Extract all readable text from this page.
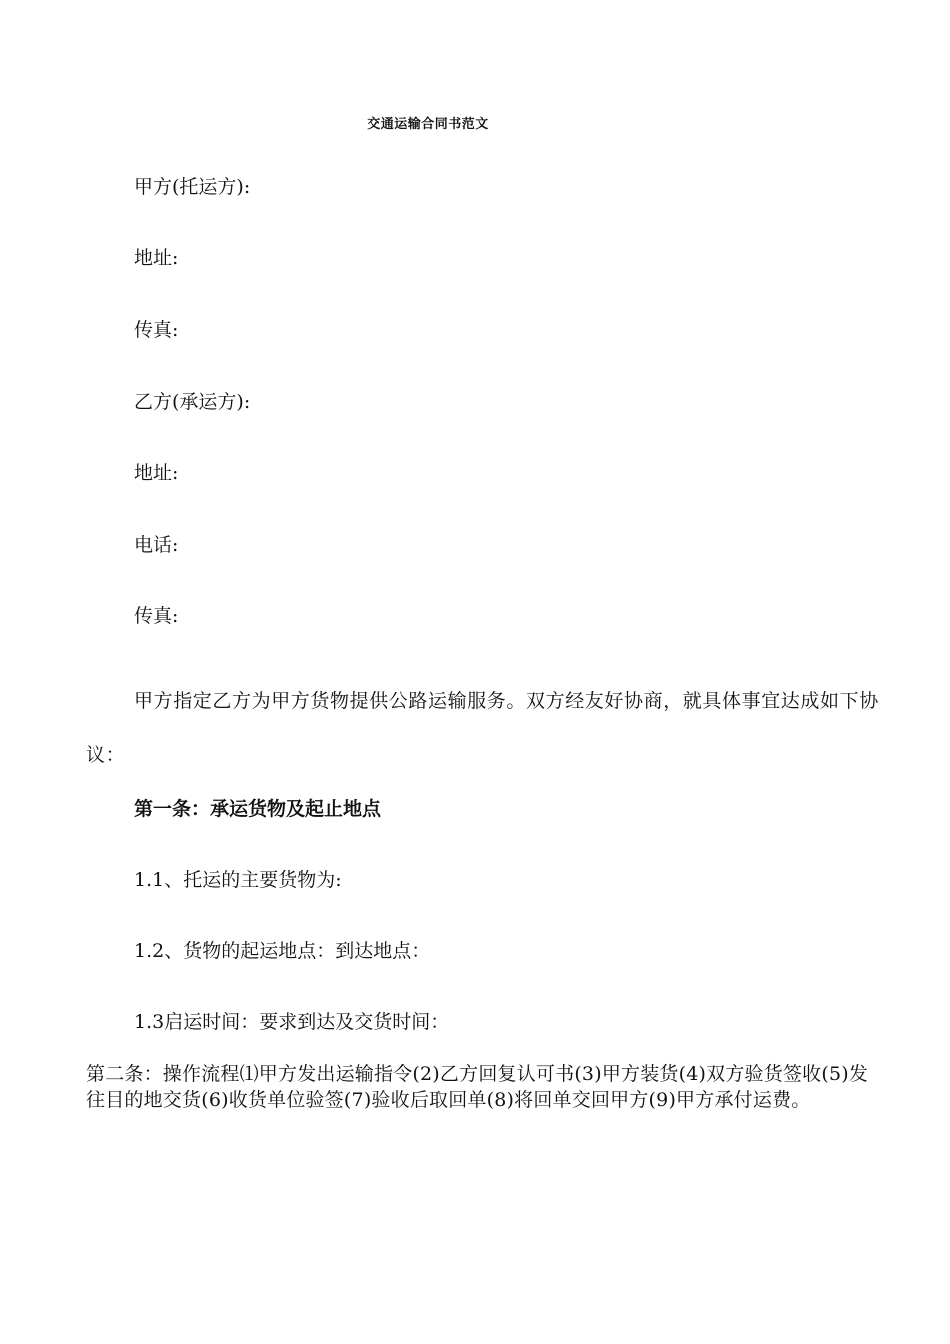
交通运输合同书范文
甲方(托运方):
地址:
传真:
乙方(承运方):
地址:
电话:
传真:
甲方指定乙方为甲方货物提供公路运输服务。双方经友好协商，就具体事宜达成如下协议：
第一条：承运货物及起止地点
1.1、托运的主要货物为:
1.2、货物的起运地点：到达地点：
1.3启运时间：要求到达及交货时间：
第二条：操作流程⑴甲方发出运输指令(2)乙方回复认可书(3)甲方装货(4)双方验货签收(5)发往目的地交货(6)收货单位验签(7)验收后取回单(8)将回单交回甲方(9)甲方承付运费。
